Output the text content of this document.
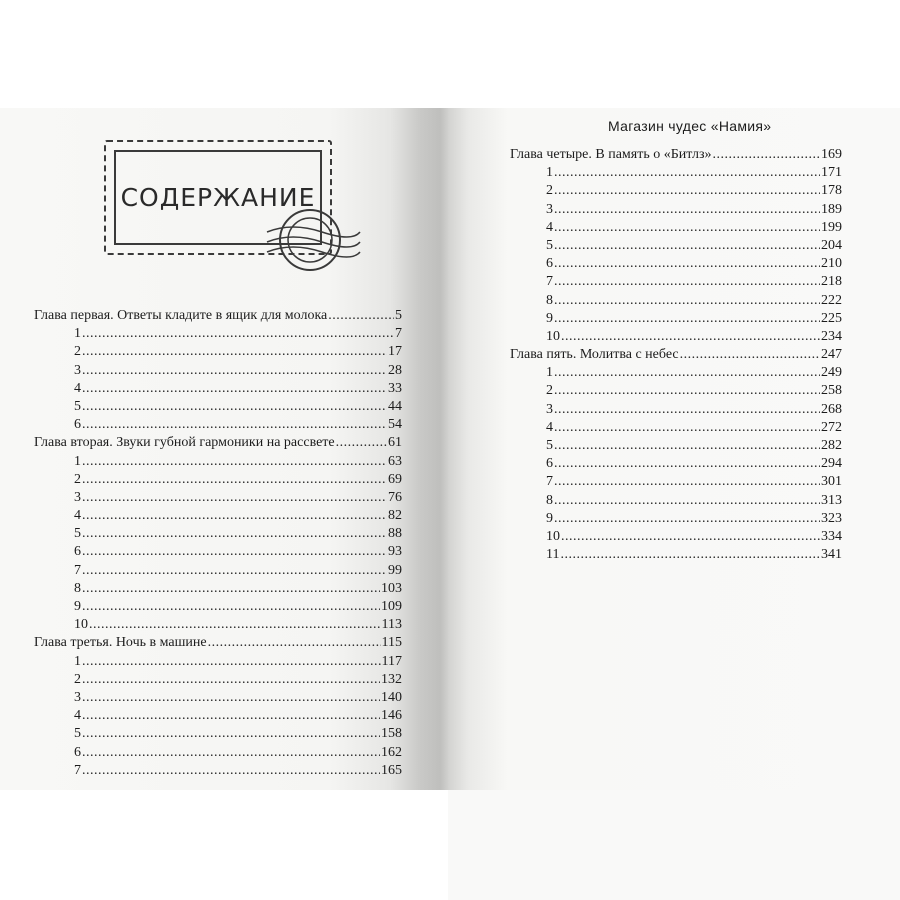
СОДЕРЖАНИЕ
Магазин чудес «Намия»
Глава первая. Ответы кладите в ящик для молока .....	5
1 .....	7
2 .....	17
3 .....	28
4 .....	33
5 .....	44
6 .....	54
Глава вторая. Звуки губной гармоники на рассвете .....	61
1 .....	63
2 .....	69
3 .....	76
4 .....	82
5 .....	88
6 .....	93
7 .....	99
8 .....	103
9 .....	109
10 .....	113
Глава третья. Ночь в машине .....	115
1 .....	117
2 .....	132
3 .....	140
4 .....	146
5 .....	158
6 .....	162
7 .....	165
Глава четыре. В память о «Битлз» .....	169
1 .....	171
2 .....	178
3 .....	189
4 .....	199
5 .....	204
6 .....	210
7 .....	218
8 .....	222
9 .....	225
10 .....	234
Глава пять. Молитва с небес .....	247
1 .....	249
2 .....	258
3 .....	268
4 .....	272
5 .....	282
6 .....	294
7 .....	301
8 .....	313
9 .....	323
10 .....	334
11 .....	341
